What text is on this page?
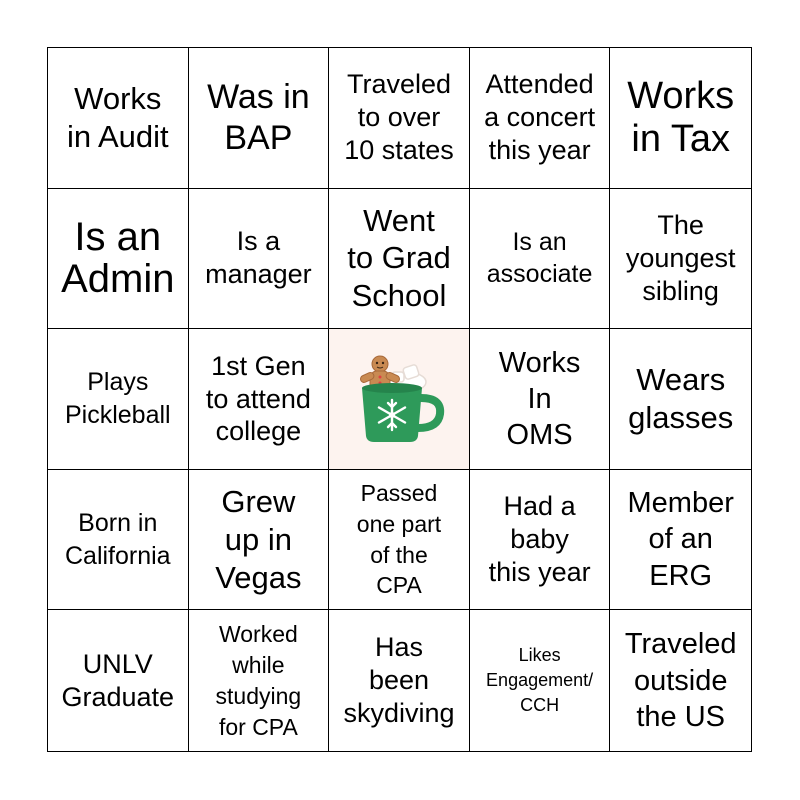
Works
in Audit
Was in
BAP
Traveled
to over
10 states
Attended
a concert
this year
Works
in Tax
Is an
Admin
Is a
manager
Went
to Grad
School
Is an
associate
The
youngest
sibling
Plays
Pickleball
1st Gen
to attend
college
Works
In
OMS
Wears
glasses
Born in
California
Grew
up in
Vegas
Passed
one part
of the
CPA
Had a
baby
this year
Member
of an
ERG
UNLV
Graduate
Worked
while
studying
for CPA
Has
been
skydiving
Likes
Engagement/
CCH
Traveled
outside
the US
